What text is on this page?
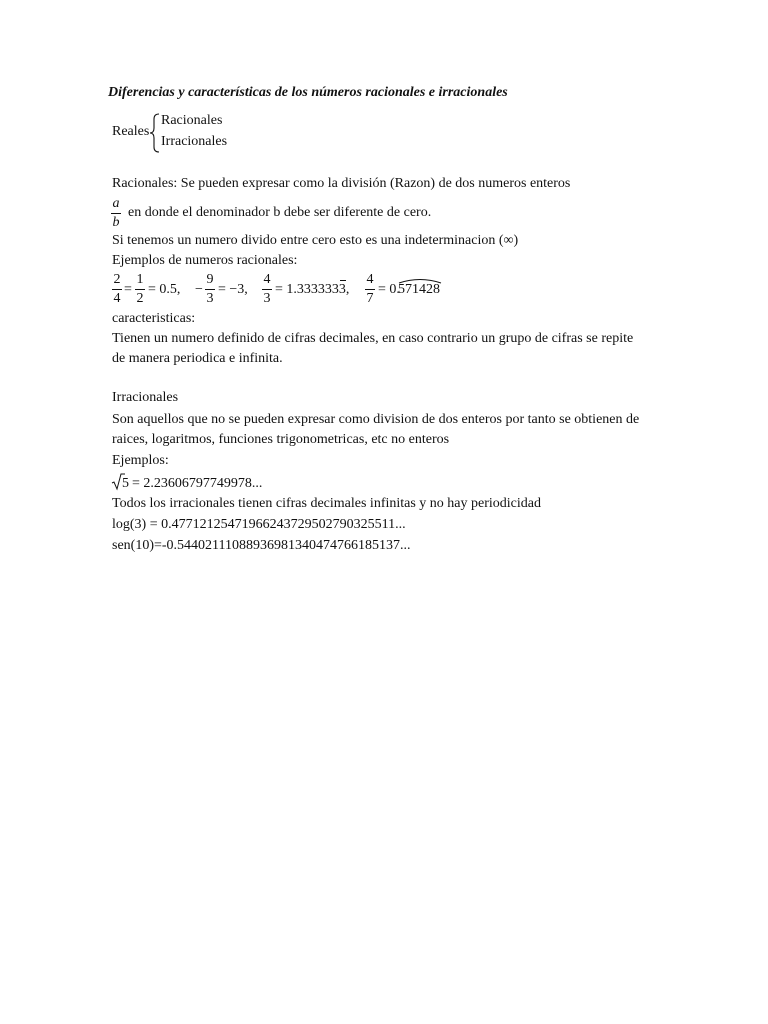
Diferencias y características de los números racionales e irracionales
Reales
Racionales
Irracionales
Racionales: Se pueden expresar como la división (Razon) de dos numeros enteros
a
b
en donde el denominador b debe ser diferente de cero.
Si tenemos un numero divido entre cero esto es una indeterminacion (∞)
Ejemplos de numeros racionales:
2
4
=
1
2
= 0.5, −
9
3
= −3,
4
3
= 1.3333333,
4
7
= 0.
571428
caracteristicas:
Tienen un numero definido de cifras decimales, en caso contrario un grupo de cifras se repite
de manera periodica e infinita.
Irracionales
Son aquellos que no se pueden expresar como division de dos enteros por tanto se obtienen de
raices, logaritmos, funciones trigonometricas, etc no enteros
Ejemplos:
5 = 2.23606797749978...
Todos los irracionales tienen cifras decimales infinitas y no hay periodicidad
log(3) = 0.4771212547196624372950279032551​1...
sen(10)=-0.5440211108893698134047476618513​7...
